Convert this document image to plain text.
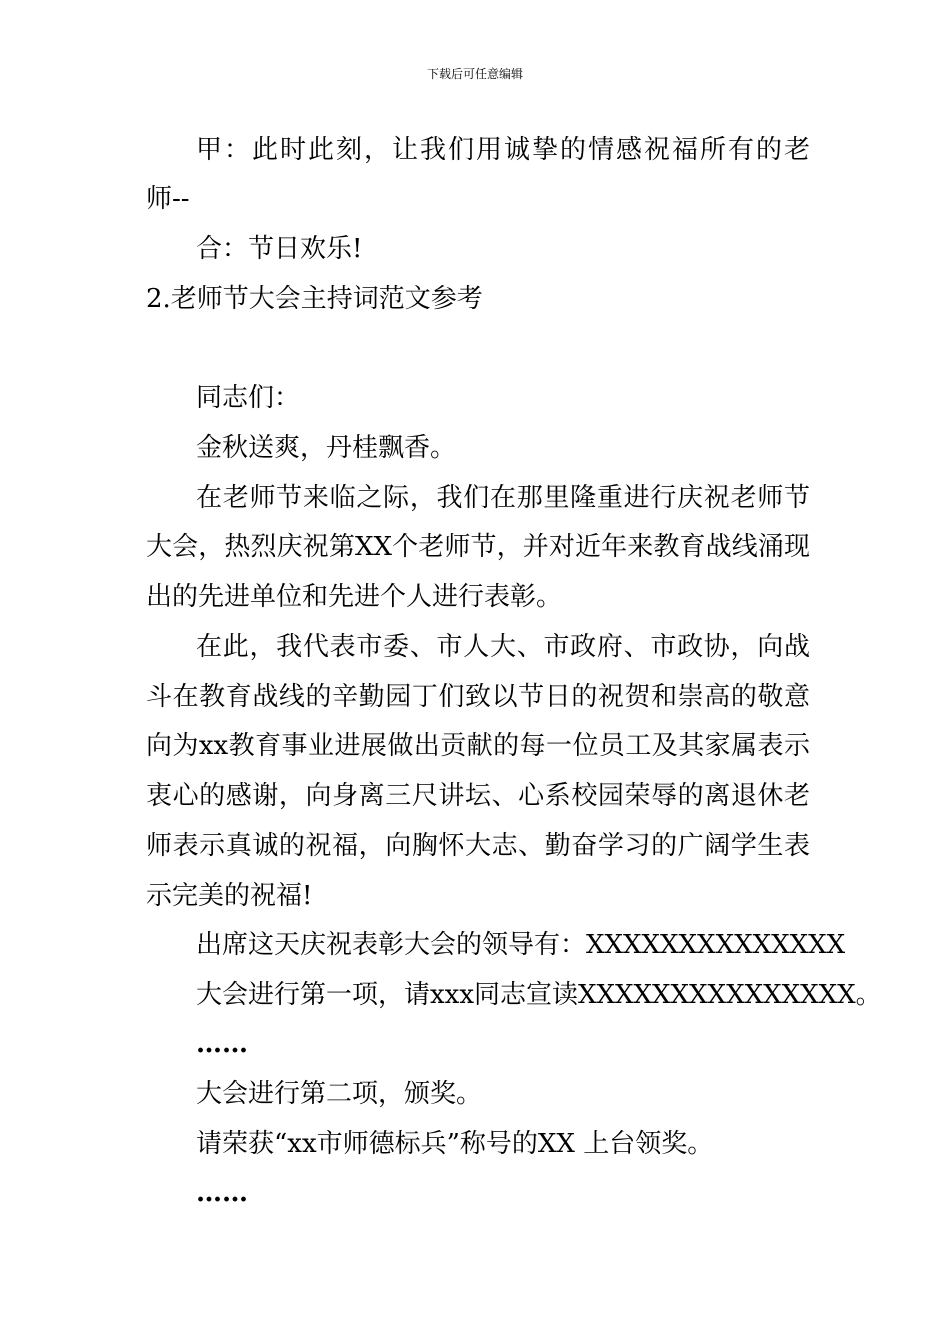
下载后可任意编辑
甲：此时此刻，让我们用诚挚的情感祝福所有的老
师--
合：节日欢乐!
2.老师节大会主持词范文参考
同志们：
金秋送爽，丹桂飘香。
在老师节来临之际，我们在那里隆重进行庆祝老师节
大会，热烈庆祝第XX个老师节，并对近年来教育战线涌现
出的先进单位和先进个人进行表彰。
在此，我代表市委、市人大、市政府、市政协，向战
斗在教育战线的辛勤园丁们致以节日的祝贺和崇高的敬意
向为xx教育事业进展做出贡献的每一位员工及其家属表示
衷心的感谢，向身离三尺讲坛、心系校园荣辱的离退休老
师表示真诚的祝福，向胸怀大志、勤奋学习的广阔学生表
示完美的祝福!
出席这天庆祝表彰大会的领导有：XXXXXXXXXXXXXX
大会进行第一项，请xxx同志宣读XXXXXXXXXXXXXXX。
……
大会进行第二项，颁奖。
请荣获“xx市师德标兵”称号的XX 上台领奖。
……
